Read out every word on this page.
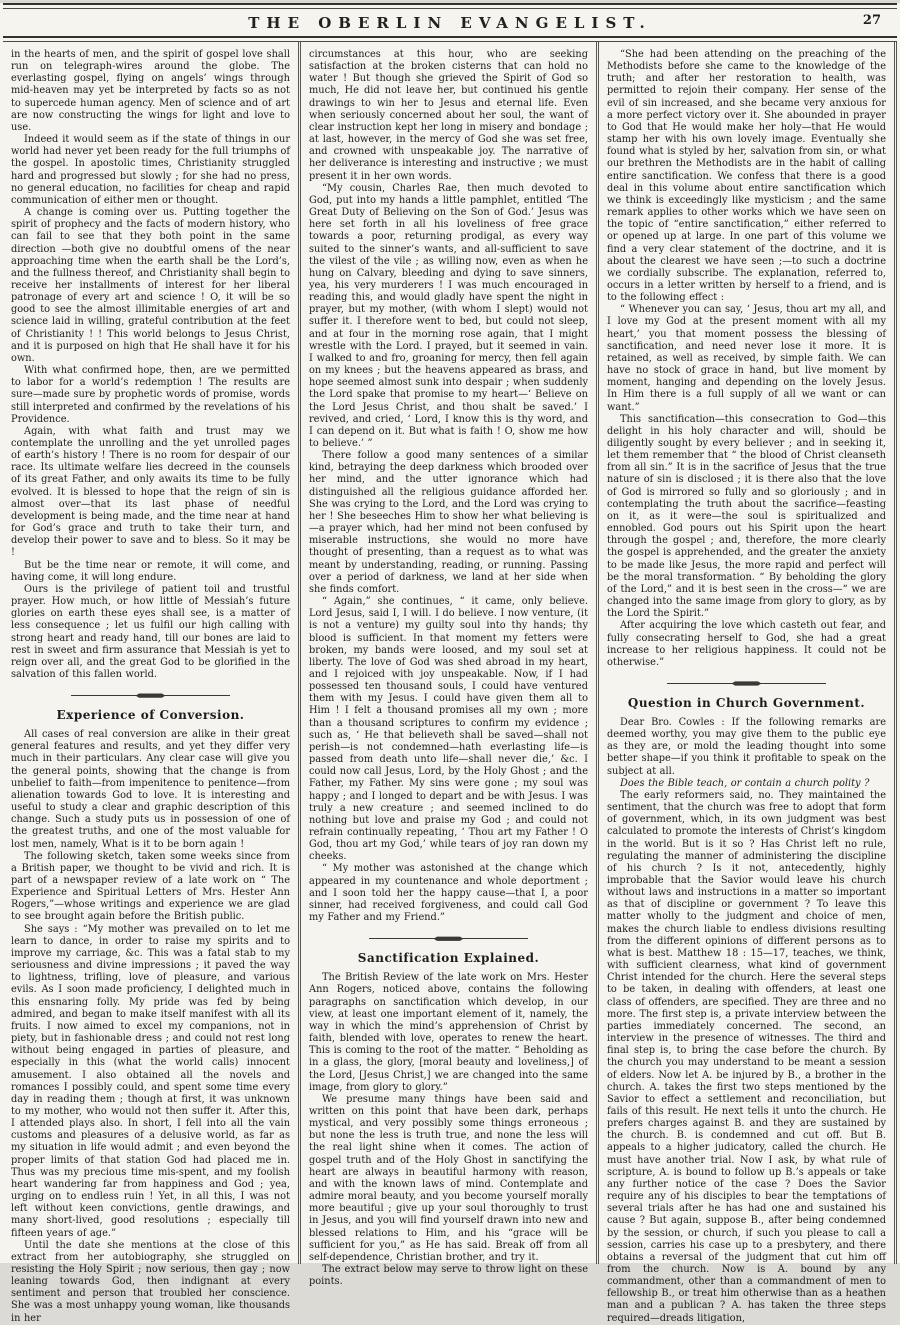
THE OBERLIN EVANGELIST.	27

in the hearts of men, and the spirit of gospel love shall run on telegraph-wires around the globe. The everlasting gospel, flying on angels’ wings through mid-heaven may yet be interpreted by facts so as not to supercede human agency. Men of science and of art are now constructing the wings for light and love to use.

Indeed it would seem as if the state of things in our world had never yet been ready for the full triumphs of the gospel. In apostolic times, Christianity struggled hard and progressed but slowly ; for she had no press, no general education, no facilities for cheap and rapid communication of either men or thought.

A change is coming over us. Putting together the spirit of prophecy and the facts of modern history, who can fail to see that they both point in the same direction —both give no doubtful omens of the near approaching time when the earth shall be the Lord’s, and the fullness thereof, and Christianity shall begin to receive her installments of interest for her liberal patronage of every art and science ! O, it will be so good to see the almost illimitable energies of art and science laid in willing, grateful contribution at the feet of Christianity ! ! This world belongs to Jesus Christ, and it is purposed on high that He shall have it for his own.

With what confirmed hope, then, are we permitted to labor for a world’s redemption ! The results are sure—made sure by prophetic words of promise, words still interpreted and confirmed by the revelations of his Providence.

Again, with what faith and trust may we contemplate the unrolling and the yet unrolled pages of earth’s history ! There is no room for despair of our race. Its ultimate welfare lies decreed in the counsels of its great Father, and only awaits its time to be fully evolved. It is blessed to hope that the reign of sin is almost over—that its last phase of needful development is being made, and the time near at hand for God’s grace and truth to take their turn, and develop their power to save and to bless. So it may be !

But be the time near or remote, it will come, and having come, it will long endure.

Ours is the privilege of patient toil and trustful prayer. How much, or how little of Messiah’s future glories on earth these eyes shall see, is a matter of less consequence ; let us fulfil our high calling with strong heart and ready hand, till our bones are laid to rest in sweet and firm assurance that Messiah is yet to reign over all, and the great God to be glorified in the salvation of this fallen world.

Experience of Conversion.

All cases of real conversion are alike in their great general features and results, and yet they differ very much in their particulars. Any clear case will give you the general points, showing that the change is from unbelief to faith—from impenitence to penitence—from alienation towards God to love. It is interesting and useful to study a clear and graphic description of this change. Such a study puts us in possession of one of the greatest truths, and one of the most valuable for lost men, namely, What is it to be born again !

The following sketch, taken some weeks since from a British paper, we thought to be vivid and rich. It is part of a newspaper review of a late work on “ The Experience and Spiritual Letters of Mrs. Hester Ann Rogers,”—whose writings and experience we are glad to see brought again before the British public.

She says : “My mother was prevailed on to let me learn to dance, in order to raise my spirits and to improve my carriage, &c. This was a fatal stab to my seriousness and divine impressions ; it paved the way to lightness, trifling, love of pleasure, and various evils. As I soon made proficiency, I delighted much in this ensnaring folly. My pride was fed by being admired, and began to make itself manifest with all its fruits. I now aimed to excel my companions, not in piety, but in fashionable dress ; and could not rest long without being engaged in parties of pleasure, and especially in this (what the world calls) innocent amusement. I also obtained all the novels and romances I possibly could, and spent some time every day in reading them ; though at first, it was unknown to my mother, who would not then suffer it. After this, I attended plays also. In short, I fell into all the vain customs and pleasures of a delusive world, as far as my situation in life would admit ; and even beyond the proper limits of that station God had placed me in. Thus was my precious time mis-spent, and my foolish heart wandering far from happiness and God ; yea, urging on to endless ruin ! Yet, in all this, I was not left without keen convictions, gentle drawings, and many short-lived, good resolutions ; especially till fifteen years of age.”

Until the date she mentions at the close of this extract from her autobiography, she struggled on resisting the Holy Spirit ; now serious, then gay ; now leaning towards God, then indignant at every sentiment and person that troubled her conscience. She was a most unhappy young woman, like thousands in her

circumstances at this hour, who are seeking satisfaction at the broken cisterns that can hold no water ! But though she grieved the Spirit of God so much, He did not leave her, but continued his gentle drawings to win her to Jesus and eternal life. Even when seriously concerned about her soul, the want of clear instruction kept her long in misery and bondage ; at last, however, in the mercy of God she was set free, and crowned with unspeakable joy. The narrative of her deliverance is interesting and instructive ; we must present it in her own words.

“My cousin, Charles Rae, then much devoted to God, put into my hands a little pamphlet, entitled ‘The Great Duty of Believing on the Son of God.’ Jesus was here set forth in all his loveliness of free grace towards a poor, returning prodigal, as every way suited to the sinner’s wants, and all-sufficient to save the vilest of the vile ; as willing now, even as when he hung on Calvary, bleeding and dying to save sinners, yea, his very murderers ! I was much encouraged in reading this, and would gladly have spent the night in prayer, but my mother, (with whom I slept) would not suffer it. I therefore went to bed, but could not sleep, and at four in the morning rose again, that I might wrestle with the Lord. I prayed, but it seemed in vain. I walked to and fro, groaning for mercy, then fell again on my knees ; but the heavens appeared as brass, and hope seemed almost sunk into despair ; when suddenly the Lord spake that promise to my heart—‘ Believe on the Lord Jesus Christ, and thou shalt be saved.’ I revived, and cried, ‘ Lord, I know this is thy word, and I can depend on it. But what is faith ! O, show me how to believe.’ ”

There follow a good many sentences of a similar kind, betraying the deep darkness which brooded over her mind, and the utter ignorance which had distinguished all the religious guidance afforded her. She was crying to the Lord, and the Lord was crying to her ! She beseeches Him to show her what believing is—a prayer which, had her mind not been confused by miserable instructions, she would no more have thought of presenting, than a request as to what was meant by understanding, reading, or running. Passing over a period of darkness, we land at her side when she finds comfort.

“ Again,” she continues, “ it came, only believe. Lord Jesus, said I, I will. I do believe. I now venture, (it is not a venture) my guilty soul into thy hands; thy blood is sufficient. In that moment my fetters were broken, my bands were loosed, and my soul set at liberty. The love of God was shed abroad in my heart, and I rejoiced with joy unspeakable. Now, if I had possessed ten thousand souls, I could have ventured them with my Jesus. I could have given them all to Him ! I felt a thousand promises all my own ; more than a thousand scriptures to confirm my evidence ; such as, ‘ He that believeth shall be saved—shall not perish—is not condemned—hath everlasting life—is passed from death unto life—shall never die,’ &c. I could now call Jesus, Lord, by the Holy Ghost ; and the Father, my Father. My sins were gone ; my soul was happy ; and I longed to depart and be with Jesus. I was truly a new creature ; and seemed inclined to do nothing but love and praise my God ; and could not refrain continually repeating, ‘ Thou art my Father ! O God, thou art my God,’ while tears of joy ran down my cheeks.

“ My mother was astonished at the change which appeared in my countenance and whole deportment ; and I soon told her the happy cause—that I, a poor sinner, had received forgiveness, and could call God my Father and my Friend.”

Sanctification Explained.

The British Review of the late work on Mrs. Hester Ann Rogers, noticed above, contains the following paragraphs on sanctification which develop, in our view, at least one important element of it, namely, the way in which the mind’s apprehension of Christ by faith, blended with love, operates to renew the heart. This is coming to the root of the matter. “ Beholding as in a glass, the glory, [moral beauty and loveliness,] of the Lord, [Jesus Christ,] we are changed into the same image, from glory to glory.”

We presume many things have been said and written on this point that have been dark, perhaps mystical, and very possibly some things erroneous ; but none the less is truth true, and none the less will the real light shine when it comes. The action of gospel truth and of the Holy Ghost in sanctifying the heart are always in beautiful harmony with reason, and with the known laws of mind. Contemplate and admire moral beauty, and you become yourself morally more beautiful ; give up your soul thoroughly to trust in Jesus, and you will find yourself drawn into new and blessed relations to Him, and his “grace will be sufficient for you,” as He has said. Break off from all self-dependence, Christian brother, and try it.

The extract below may serve to throw light on these points.

“She had been attending on the preaching of the Methodists before she came to the knowledge of the truth; and after her restoration to health, was permitted to rejoin their company. Her sense of the evil of sin increased, and she became very anxious for a more perfect victory over it. She abounded in prayer to God that He would make her holy—that He would stamp her with his own lovely image. Eventually she found what is styled by her, salvation from sin, or what our brethren the Methodists are in the habit of calling entire sanctification. We confess that there is a good deal in this volume about entire sanctification which we think is exceedingly like mysticism ; and the same remark applies to other works which we have seen on the topic of “entire sanctification,” either referred to or opened up at large. In one part of this volume we find a very clear statement of the doctrine, and it is about the clearest we have seen ;—to such a doctrine we cordially subscribe. The explanation, referred to, occurs in a letter written by herself to a friend, and is to the following effect :

“ Whenever you can say, ‘ Jesus, thou art my all, and I love my God at the present moment with all my heart,’ you that moment possess the blessing of sanctification, and need never lose it more. It is retained, as well as received, by simple faith. We can have no stock of grace in hand, but live moment by moment, hanging and depending on the lovely Jesus. In Him there is a full supply of all we want or can want.”

This sanctification—this consecration to God—this delight in his holy character and will, should be diligently sought by every believer ; and in seeking it, let them remember that “ the blood of Christ cleanseth from all sin.” It is in the sacrifice of Jesus that the true nature of sin is disclosed ; it is there also that the love of God is mirrored so fully and so gloriously ; and in contemplating the truth about the sacrifice—feasting on it, as it were—the soul is spiritualized and ennobled. God pours out his Spirit upon the heart through the gospel ; and, therefore, the more clearly the gospel is apprehended, and the greater the anxiety to be made like Jesus, the more rapid and perfect will be the moral transformation. “ By beholding the glory of the Lord,” and it is best seen in the cross—“ we are changed into the same image from glory to glory, as by the Lord the Spirit.”

After acquiring the love which casteth out fear, and fully consecrating herself to God, she had a great increase to her religious happiness. It could not be otherwise.”

Question in Church Government.

Dear Bro. Cowles : If the following remarks are deemed worthy, you may give them to the public eye as they are, or mold the leading thought into some better shape—if you think it profitable to speak on the subject at all.

Does the Bible teach, or contain a church polity ?

The early reformers said, no. They maintained the sentiment, that the church was free to adopt that form of government, which, in its own judgment was best calculated to promote the interests of Christ’s kingdom in the world. But is it so ? Has Christ left no rule, regulating the manner of administering the discipline of his church ? Is it not, antecedently, highly improbable that the Savior would leave his church without laws and instructions in a matter so important as that of discipline or government ? To leave this matter wholly to the judgment and choice of men, makes the church liable to endless divisions resulting from the different opinions of different persons as to what is best. Matthew 18 : 15—17, teaches, we think, with sufficient clearness, what kind of government Christ intended for the church. Here the several steps to be taken, in dealing with offenders, at least one class of offenders, are specified. They are three and no more. The first step is, a private interview between the parties immediately concerned. The second, an interview in the presence of witnesses. The third and final step is, to bring the case before the church. By the church you may understand to be meant a session of elders. Now let A. be injured by B., a brother in the church. A. takes the first two steps mentioned by the Savior to effect a settlement and reconciliation, but fails of this result. He next tells it unto the church. He prefers charges against B. and they are sustained by the church. B. is condemned and cut off. But B. appeals to a higher judicatory, called the church. He must have another trial. Now I ask, by what rule of scripture, A. is bound to follow up B.’s appeals or take any further notice of the case ? Does the Savior require any of his disciples to bear the temptations of several trials after he has had one and sustained his cause ? But again, suppose B., after being condemned by the session, or church, if such you please to call a session, carries his case up to a presbytery, and there obtains a reversal of the judgment that cut him off from the church. Now is A. bound by any commandment, other than a commandment of men to fellowship B., or treat him otherwise than as a heathen man and a publican ? A. has taken the three steps required—dreads litigation,
